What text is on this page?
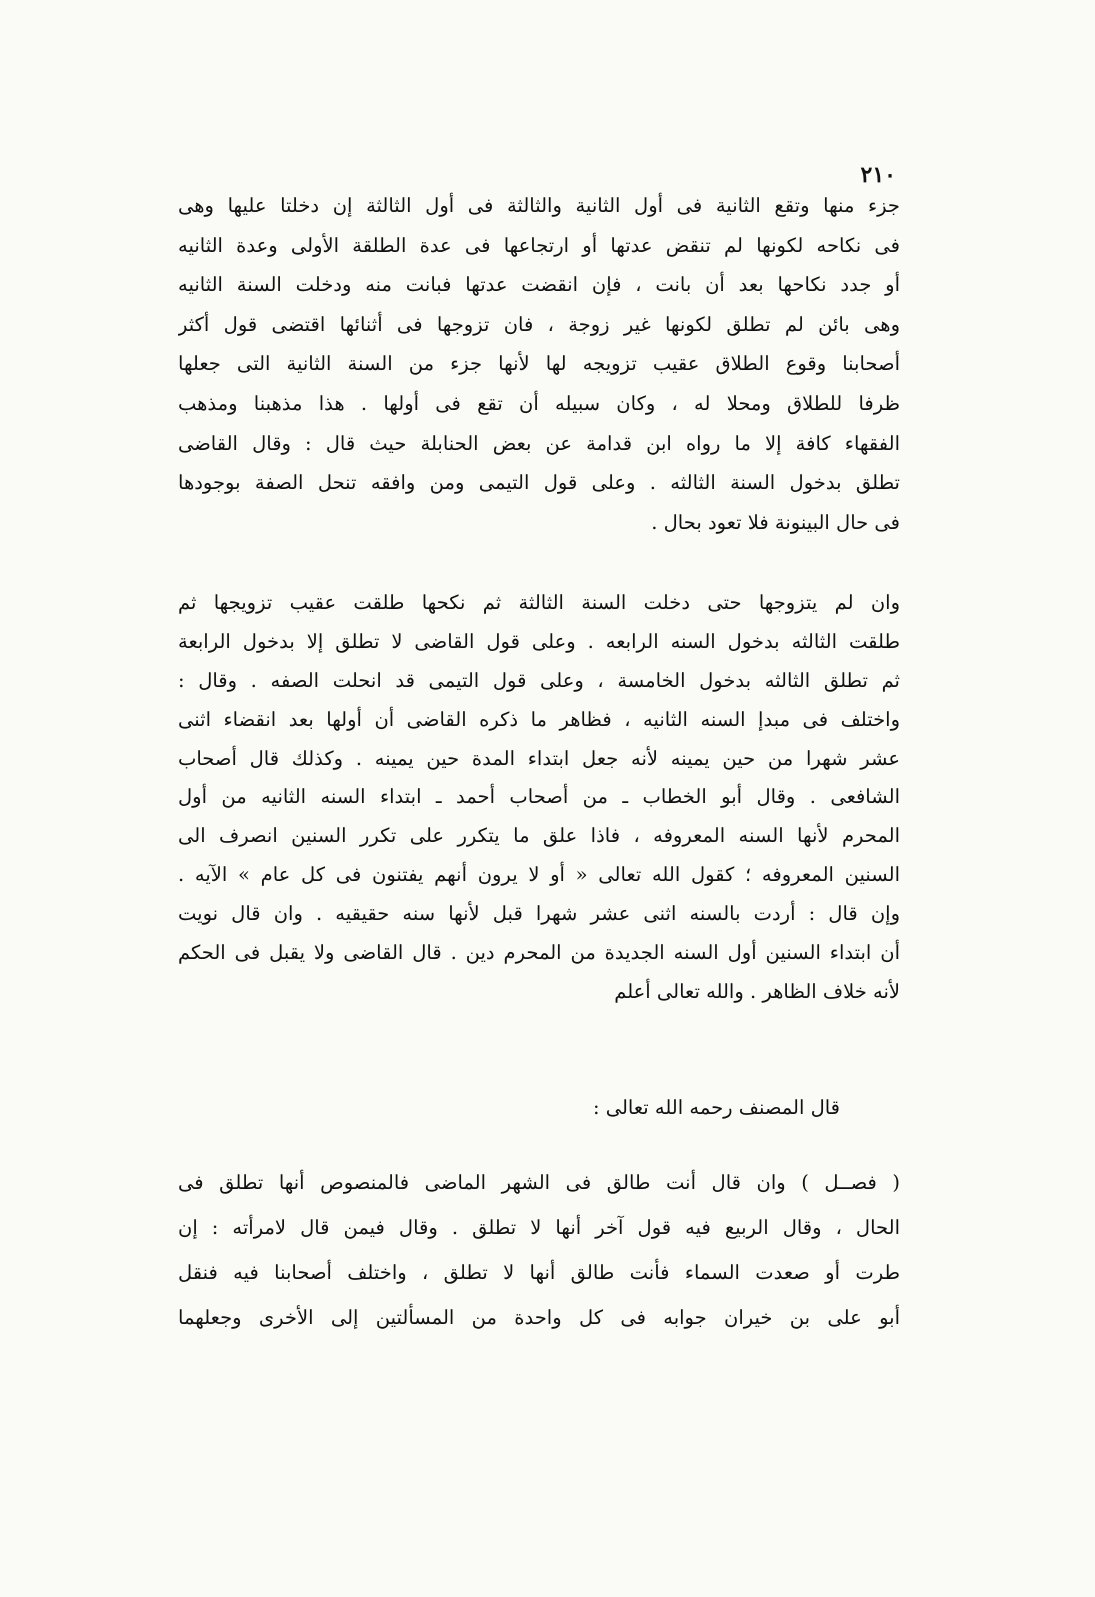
٢١٠
جزء منها وتقع الثانية فى أول الثانية والثالثة فى أول الثالثة إن دخلتا عليها وهى
فى نكاحه لكونها لم تنقض عدتها أو ارتجاعها فى عدة الطلقة الأولى وعدة الثانيه
أو جدد نكاحها بعد أن بانت ، فإن انقضت عدتها فبانت منه ودخلت السنة الثانيه
وهى بائن لم تطلق لكونها غير زوجة ، فان تزوجها فى أثنائها اقتضى قول أكثر
أصحابنا وقوع الطلاق عقيب تزويجه لها لأنها جزء من السنة الثانية التى جعلها
ظرفا للطلاق ومحلا له ، وكان سبيله أن تقع فى أولها . هذا مذهبنا ومذهب
الفقهاء كافة إلا ما رواه ابن قدامة عن بعض الحنابلة حيث قال : وقال القاضى
تطلق بدخول السنة الثالثه . وعلى قول التيمى ومن وافقه تنحل الصفة بوجودها
فى حال البينونة فلا تعود بحال .
وان لم يتزوجها حتى دخلت السنة الثالثة ثم نكحها طلقت عقيب تزويجها ثم
طلقت الثالثه بدخول السنه الرابعه . وعلى قول القاضى لا تطلق إلا بدخول الرابعة
ثم تطلق الثالثه بدخول الخامسة ، وعلى قول التيمى قد انحلت الصفه . وقال :
واختلف فى مبدإ السنه الثانيه ، فظاهر ما ذكره القاضى أن أولها بعد انقضاء اثنى
عشر شهرا من حين يمينه لأنه جعل ابتداء المدة حين يمينه . وكذلك قال أصحاب
الشافعى . وقال أبو الخطاب ـ من أصحاب أحمد ـ ابتداء السنه الثانيه من أول
المحرم لأنها السنه المعروفه ، فاذا علق ما يتكرر على تكرر السنين انصرف الى
السنين المعروفه ؛ كقول الله تعالى « أو لا يرون أنهم يفتنون فى كل عام » الآيه .
وإن قال : أردت بالسنه اثنى عشر شهرا قبل لأنها سنه حقيقيه . وان قال نويت
أن ابتداء السنين أول السنه الجديدة من المحرم دين . قال القاضى ولا يقبل فى الحكم
لأنه خلاف الظاهر . والله تعالى أعلم
قال المصنف رحمه الله تعالى :
( فصــل ) وان قال أنت طالق فى الشهر الماضى فالمنصوص أنها تطلق فى
الحال ، وقال الربيع فيه قول آخر أنها لا تطلق . وقال فيمن قال لامرأته : إن
طرت أو صعدت السماء فأنت طالق أنها لا تطلق ، واختلف أصحابنا فيه فنقل
أبو على بن خيران جوابه فى كل واحدة من المسألتين إلى الأخرى وجعلهما
